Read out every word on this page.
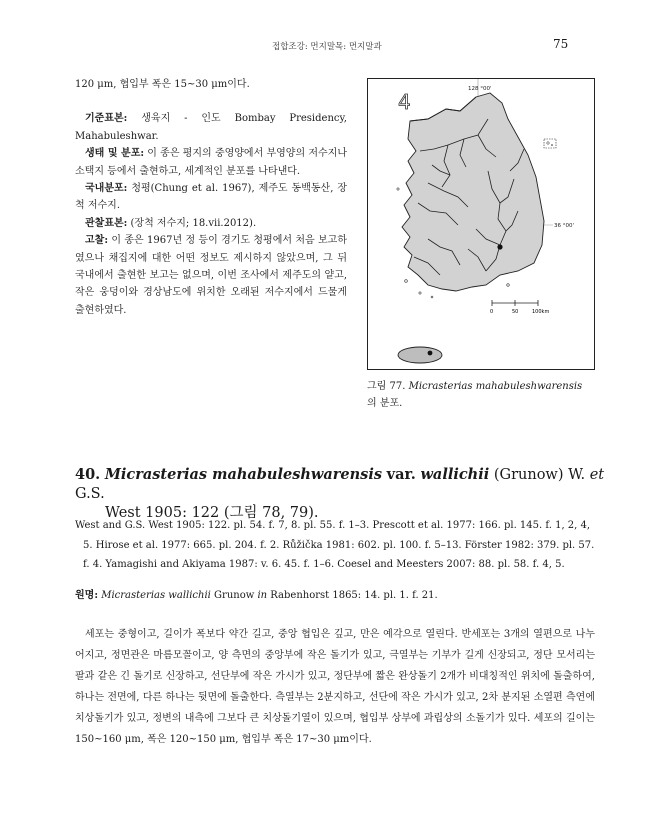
접합조강: 먼지말목: 먼지말과	75

120 μm, 협입부 폭은 15~30 μm이다.

기준표본: 생육지 - 인도 Bombay Presidency, Mahabuleshwar.

생태 및 분포: 이 종은 평지의 중영양에서 부영양의 저수지나 소택지 등에서 출현하고, 세계적인 분포를 나타낸다.

국내분포: 청평(Chung et al. 1967), 제주도 동백동산, 장척 저수지.

관찰표본: (장척 저수지; 18.vii.2012).

고찰: 이 종은 1967년 정 등이 경기도 청평에서 처음 보고하였으나 채집지에 대한 어떤 정보도 제시하지 않았으며, 그 뒤 국내에서 출현한 보고는 없으며, 이번 조사에서 제주도의 얕고, 작은 웅덩이와 경상남도에 위치한 오래된 저수지에서 드물게 출현하였다.

4
128 °00'
36 °00'
0	50	100km
그림 77. Micrasterias mahabuleshwarensis
의 분포.
40. Micrasterias mahabuleshwarensis var. wallichii (Grunow) W. et G.S.
West 1905: 122 (그림 78, 79).

West and G.S. West 1905: 122. pl. 54. f. 7, 8. pl. 55. f. 1–3. Prescott et al. 1977: 166. pl. 145. f. 1, 2, 4, 5. Hirose et al. 1977: 665. pl. 204. f. 2. Růžička 1981: 602. pl. 100. f. 5–13. Förster 1982: 379. pl. 57. f. 4. Yamagishi and Akiyama 1987: v. 6. 45. f. 1–6. Coesel and Meesters 2007: 88. pl. 58. f. 4, 5.

원명: Micrasterias wallichii Grunow in Rabenhorst 1865: 14. pl. 1. f. 21.

세포는 중형이고, 길이가 폭보다 약간 길고, 중앙 협입은 깊고, 만은 예각으로 열린다. 반세포는 3개의 열편으로 나누어지고, 정면관은 마름모꼴이고, 양 측면의 중앙부에 작은 돌기가 있고, 극열부는 기부가 길게 신장되고, 정단 모서리는 팔과 같은 긴 돌기로 신장하고, 선단부에 작은 가시가 있고, 정단부에 짧은 완상돌기 2개가 비대칭적인 위치에 돌출하여, 하나는 전면에, 다른 하나는 뒷면에 돌출한다. 측열부는 2분지하고, 선단에 작은 가시가 있고, 2차 분지된 소열편 측연에 치상돌기가 있고, 정변의 내측에 그보다 큰 치상돌기열이 있으며, 협입부 상부에 과립상의 소돌기가 있다. 세포의 길이는 150~160 μm, 폭은 120~150 μm, 협입부 폭은 17~30 μm이다.
